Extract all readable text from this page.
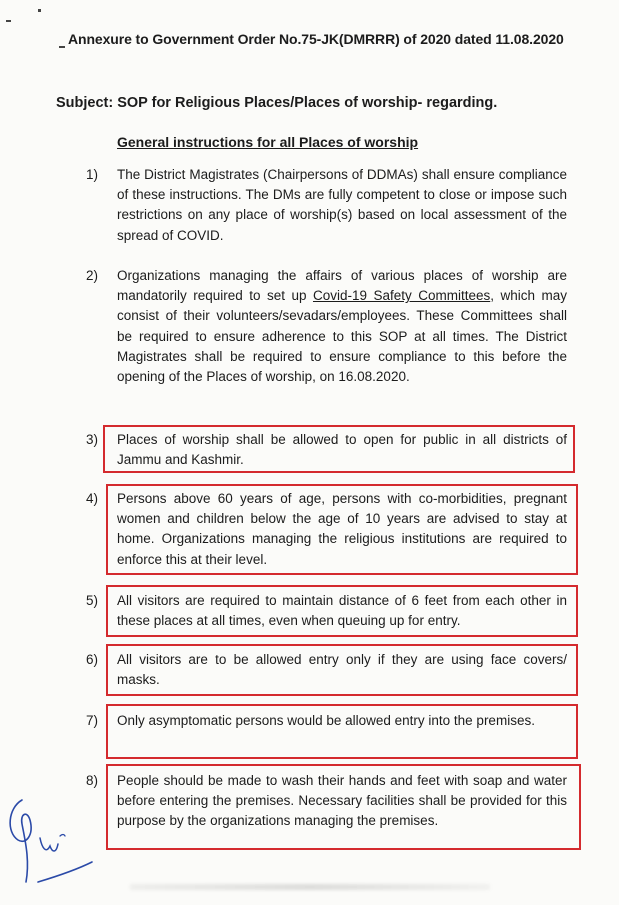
Annexure to Government Order No.75-JK(DMRRR) of 2020 dated 11.08.2020
Subject: SOP for Religious Places/Places of worship- regarding.
General instructions for all Places of worship
1) The District Magistrates (Chairpersons of DDMAs) shall ensure compliance of these instructions. The DMs are fully competent to close or impose such restrictions on any place of worship(s) based on local assessment of the spread of COVID.
2) Organizations managing the affairs of various places of worship are mandatorily required to set up Covid-19 Safety Committees, which may consist of their volunteers/sevadars/employees. These Committees shall be required to ensure adherence to this SOP at all times. The District Magistrates shall be required to ensure compliance to this before the opening of the Places of worship, on 16.08.2020.
3) Places of worship shall be allowed to open for public in all districts of Jammu and Kashmir.
4) Persons above 60 years of age, persons with co-morbidities, pregnant women and children below the age of 10 years are advised to stay at home. Organizations managing the religious institutions are required to enforce this at their level.
5) All visitors are required to maintain distance of 6 feet from each other in these places at all times, even when queuing up for entry.
6) All visitors are to be allowed entry only if they are using face covers/ masks.
7) Only asymptomatic persons would be allowed entry into the premises.
8) People should be made to wash their hands and feet with soap and water before entering the premises. Necessary facilities shall be provided for this purpose by the organizations managing the premises.
